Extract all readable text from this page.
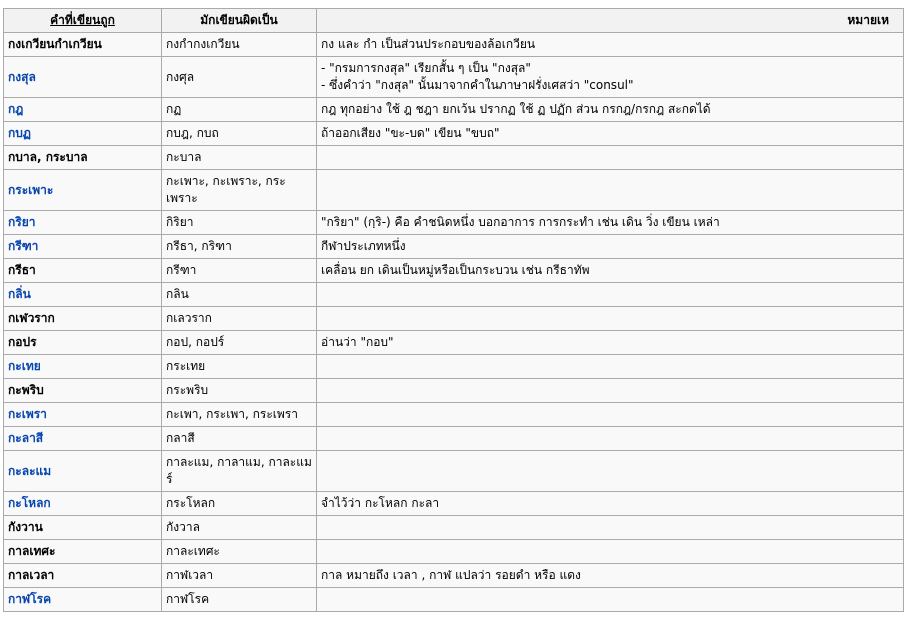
คำที่เขียนถูก	มักเขียนผิดเป็น	หมายเห
กงเกวียนกำเกวียน	กงกำกงเกวียน	กง และ กำ เป็นส่วนประกอบของล้อเกวียน

กงสุล	กงศุล	- "กรมการกงสุล" เรียกสั้น ๆ เป็น "กงสุล"
- ซึ่งคำว่า "กงสุล" นั้นมาจากคำในภาษาฝรั่งเศสว่า "consul"

กฎ	กฏ	กฎ ทุกอย่าง ใช้ ฎ ชฎา ยกเว้น ปรากฏ ใช้ ฏ ปฏัก ส่วน กรกฎ/กรกฎ สะกดได้

กบฏ	กบฎ, กบถ	ถ้าออกเสียง "ขะ-บด" เขียน "ขบถ"

กบาล, กระบาล	กะบาล	

กระเพาะ	กะเพาะ, กะเพราะ, กระ
เพราะ	

กริยา	กิริยา	"กริยา" (กฺริ-) คือ คำชนิดหนึ่ง บอกอาการ การกระทำ เช่น เดิน วิ่ง เขียน เหล่า

กรีฑา	กรีธา, กริฑา	กีฬาประเภทหนึ่ง

กรีธา	กรีฑา	เคลื่อน ยก เดินเป็นหมู่หรือเป็นกระบวน เช่น กรีธาทัพ

กลิ่น	กลิน	

กเฬวราก	กเลวราก	

กอปร	กอป, กอปร์	อ่านว่า "กอบ"

กะเทย	กระเทย	

กะพริบ	กระพริบ	

กะเพรา	กะเพา, กระเพา, กระเพรา	

กะลาสี	กลาสี	

กะละแม	กาละแม, กาลาแม, กาละแม
ร์	

กะโหลก	กระโหลก	จำไว้ว่า กะโหลก กะลา

กังวาน	กังวาล	

กาลเทศะ	กาละเทศะ	

กาลเวลา	กาฬเวลา	กาล หมายถึง เวลา , กาฬ แปลว่า รอยดำ หรือ แดง

กาฬโรค	กาฬโรค	
